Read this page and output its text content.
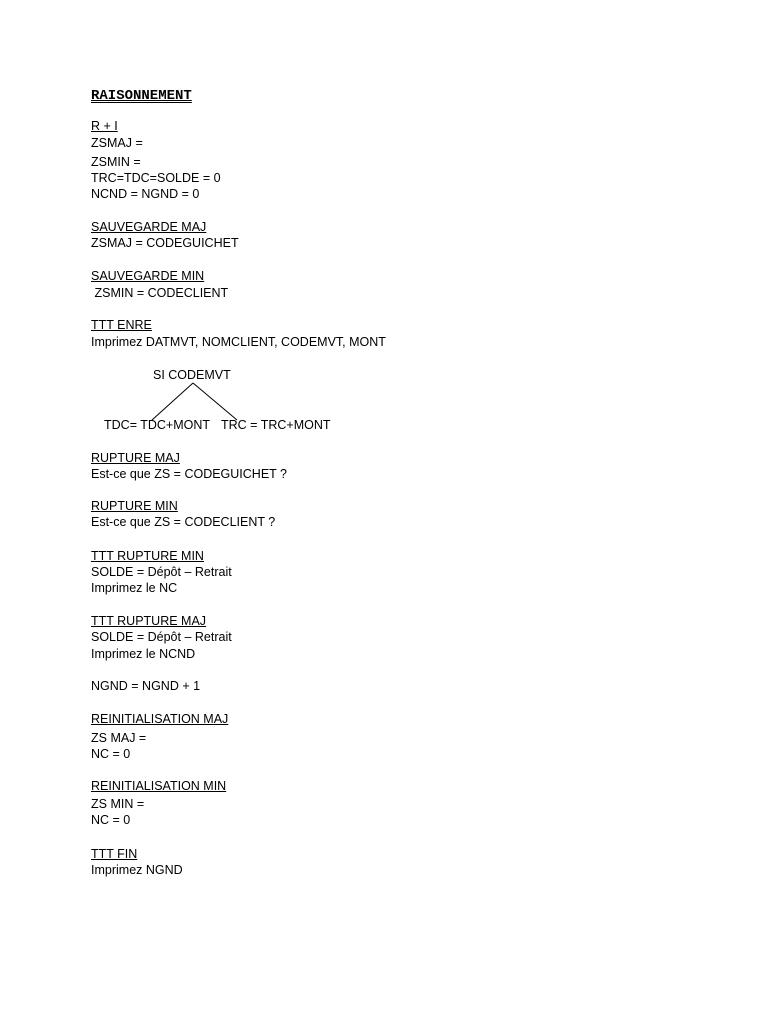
RAISONNEMENT
R + I
ZSMAJ =
ZSMIN =
TRC=TDC=SOLDE = 0
NCND = NGND = 0
SAUVEGARDE MAJ
ZSMAJ = CODEGUICHET
SAUVEGARDE MIN
ZSMIN = CODECLIENT
TTT ENRE
Imprimez DATMVT, NOMCLIENT, CODEMVT, MONT
SI CODEMVT
TDC= TDC+MONT TRC = TRC+MONT
RUPTURE MAJ
Est-ce que ZS = CODEGUICHET ?
RUPTURE MIN
Est-ce que ZS = CODECLIENT ?
TTT RUPTURE MIN
SOLDE = Dépôt – Retrait
Imprimez le NC
TTT RUPTURE MAJ
SOLDE = Dépôt – Retrait
Imprimez le NCND
NGND = NGND + 1
REINITIALISATION MAJ
ZS MAJ =
NC = 0
REINITIALISATION MIN
ZS MIN =
NC = 0
TTT FIN
Imprimez NGND
